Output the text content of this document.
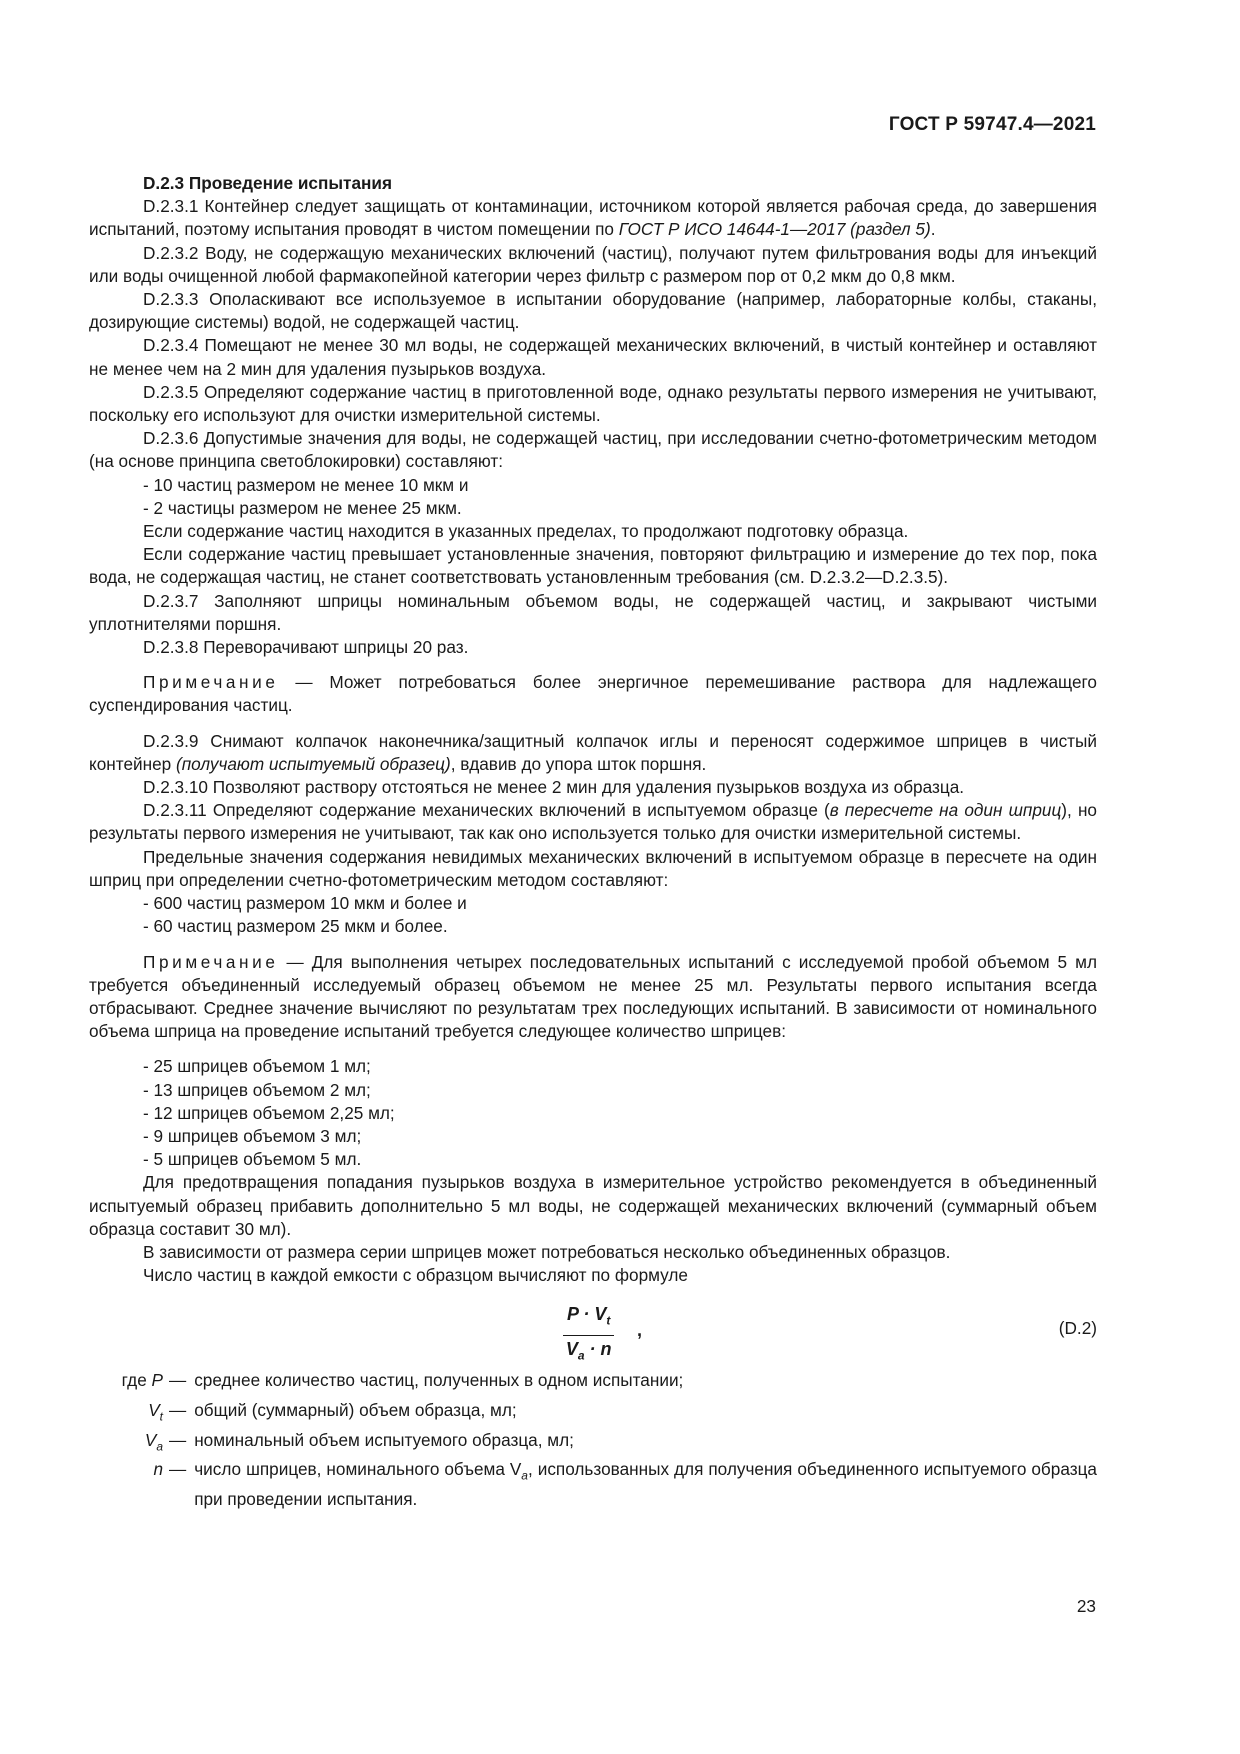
ГОСТ Р 59747.4—2021

D.2.3 Проведение испытания

D.2.3.1 Контейнер следует защищать от контаминации, источником которой является рабочая среда, до завершения испытаний, поэтому испытания проводят в чистом помещении по ГОСТ Р ИСО 14644-1—2017 (раздел 5).

D.2.3.2 Воду, не содержащую механических включений (частиц), получают путем фильтрования воды для инъекций или воды очищенной любой фармакопейной категории через фильтр с размером пор от 0,2 мкм до 0,8 мкм.

D.2.3.3 Ополаскивают все используемое в испытании оборудование (например, лабораторные колбы, стаканы, дозирующие системы) водой, не содержащей частиц.

D.2.3.4 Помещают не менее 30 мл воды, не содержащей механических включений, в чистый контейнер и оставляют не менее чем на 2 мин для удаления пузырьков воздуха.

D.2.3.5 Определяют содержание частиц в приготовленной воде, однако результаты первого измерения не учитывают, поскольку его используют для очистки измерительной системы.

D.2.3.6 Допустимые значения для воды, не содержащей частиц, при исследовании счетно-фотометрическим методом (на основе принципа светоблокировки) составляют:

- 10 частиц размером не менее 10 мкм и

- 2 частицы размером не менее 25 мкм.

Если содержание частиц находится в указанных пределах, то продолжают подготовку образца.

Если содержание частиц превышает установленные значения, повторяют фильтрацию и измерение до тех пор, пока вода, не содержащая частиц, не станет соответствовать установленным требования (см. D.2.3.2—D.2.3.5).

D.2.3.7 Заполняют шприцы номинальным объемом воды, не содержащей частиц, и закрывают чистыми уплотнителями поршня.

D.2.3.8 Переворачивают шприцы 20 раз.

Примечание — Может потребоваться более энергичное перемешивание раствора для надлежащего суспендирования частиц.

D.2.3.9 Снимают колпачок наконечника/защитный колпачок иглы и переносят содержимое шприцев в чистый контейнер (получают испытуемый образец), вдавив до упора шток поршня.

D.2.3.10 Позволяют раствору отстояться не менее 2 мин для удаления пузырьков воздуха из образца.

D.2.3.11 Определяют содержание механических включений в испытуемом образце (в пересчете на один шприц), но результаты первого измерения не учитывают, так как оно используется только для очистки измерительной системы.

Предельные значения содержания невидимых механических включений в испытуемом образце в пересчете на один шприц при определении счетно-фотометрическим методом составляют:

- 600 частиц размером 10 мкм и более и

- 60 частиц размером 25 мкм и более.

Примечание — Для выполнения четырех последовательных испытаний с исследуемой пробой объемом 5 мл требуется объединенный исследуемый образец объемом не менее 25 мл. Результаты первого испытания всегда отбрасывают. Среднее значение вычисляют по результатам трех последующих испытаний. В зависимости от номинального объема шприца на проведение испытаний требуется следующее количество шприцев:

- 25 шприцев объемом 1 мл;

- 13 шприцев объемом 2 мл;

- 12 шприцев объемом 2,25 мл;

- 9 шприцев объемом 3 мл;

- 5 шприцев объемом 5 мл.

Для предотвращения попадания пузырьков воздуха в измерительное устройство рекомендуется в объединенный испытуемый образец прибавить дополнительно 5 мл воды, не содержащей механических включений (суммарный объем образца составит 30 мл).

В зависимости от размера серии шприцев может потребоваться несколько объединенных образцов.

Число частиц в каждой емкости с образцом вычисляют по формуле

$\frac{P \cdot V_t}{V_a \cdot n}$ ,	(D.2)
где P — среднее количество частиц, полученных в одном испытании;
$V_t$ — общий (суммарный) объем образца, мл;
$V_a$ — номинальный объем испытуемого образца, мл;
n — число шприцев, номинального объема $V_a$, использованных для получения объединенного испытуемого образца при проведении испытания.
23
